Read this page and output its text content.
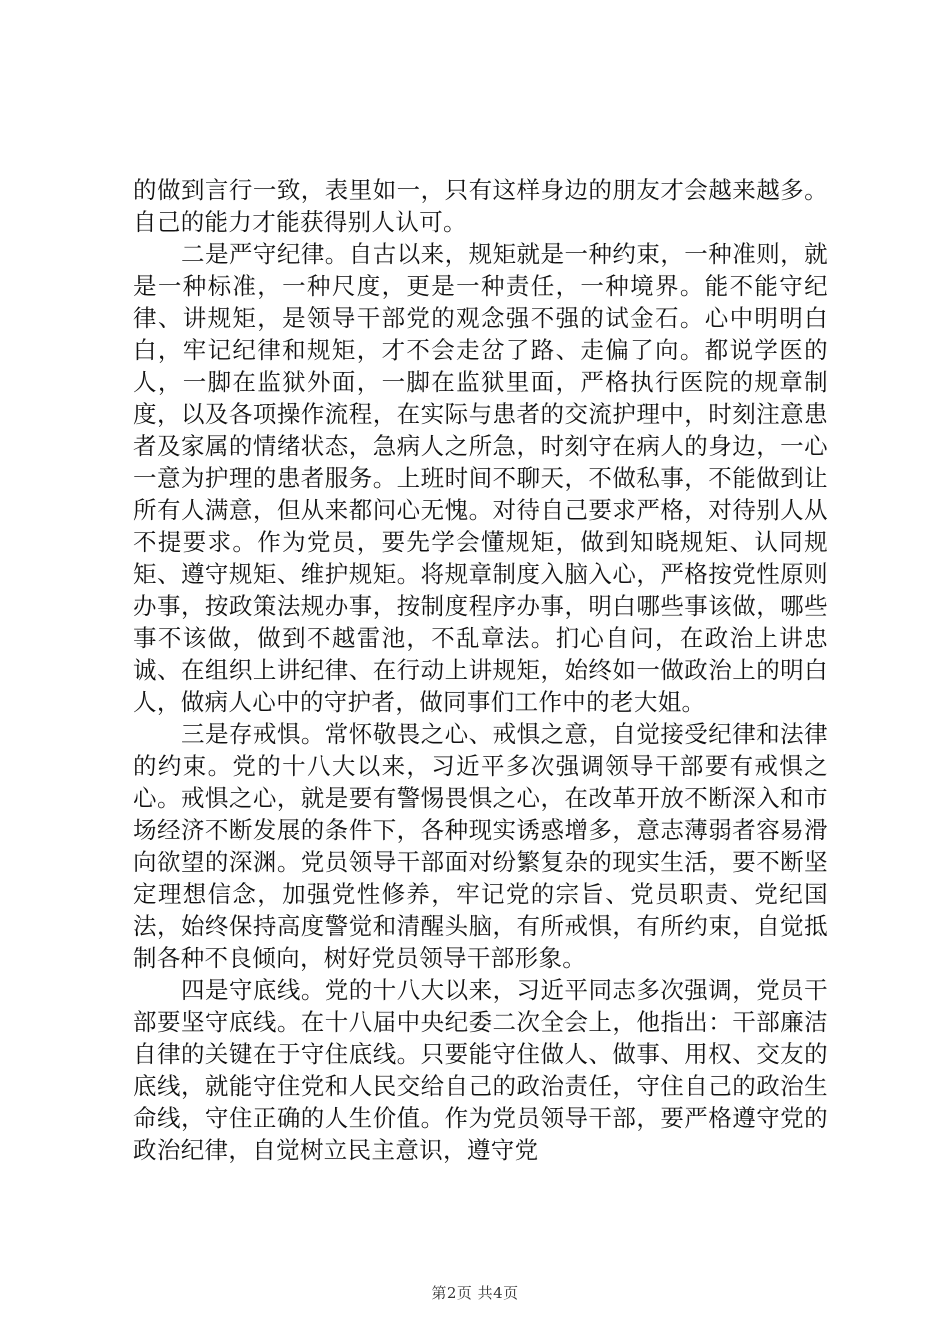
的做到言行一致，表里如一，只有这样身边的朋友才会越来越多。自己的能力才能获得别人认可。

二是严守纪律。自古以来，规矩就是一种约束，一种准则，就是一种标准，一种尺度，更是一种责任，一种境界。能不能守纪律、讲规矩，是领导干部党的观念强不强的试金石。心中明明白白，牢记纪律和规矩，才不会走岔了路、走偏了向。都说学医的人，一脚在监狱外面，一脚在监狱里面，严格执行医院的规章制度，以及各项操作流程，在实际与患者的交流护理中，时刻注意患者及家属的情绪状态，急病人之所急，时刻守在病人的身边，一心一意为护理的患者服务。上班时间不聊天，不做私事，不能做到让所有人满意，但从来都问心无愧。对待自己要求严格，对待别人从不提要求。作为党员，要先学会懂规矩，做到知晓规矩、认同规矩、遵守规矩、维护规矩。将规章制度入脑入心，严格按党性原则办事，按政策法规办事，按制度程序办事，明白哪些事该做，哪些事不该做，做到不越雷池，不乱章法。扪心自问，在政治上讲忠诚、在组织上讲纪律、在行动上讲规矩，始终如一做政治上的明白人，做病人心中的守护者，做同事们工作中的老大姐。

三是存戒惧。常怀敬畏之心、戒惧之意，自觉接受纪律和法律的约束。党的十八大以来，习近平多次强调领导干部要有戒惧之心。戒惧之心，就是要有警惕畏惧之心，在改革开放不断深入和市场经济不断发展的条件下，各种现实诱惑增多，意志薄弱者容易滑向欲望的深渊。党员领导干部面对纷繁复杂的现实生活，要不断坚定理想信念，加强党性修养，牢记党的宗旨、党员职责、党纪国法，始终保持高度警觉和清醒头脑，有所戒惧，有所约束，自觉抵制各种不良倾向，树好党员领导干部形象。

四是守底线。党的十八大以来，习近平同志多次强调，党员干部要坚守底线。在十八届中央纪委二次全会上，他指出：干部廉洁自律的关键在于守住底线。只要能守住做人、做事、用权、交友的底线，就能守住党和人民交给自己的政治责任，守住自己的政治生命线，守住正确的人生价值。作为党员领导干部，要严格遵守党的政治纪律，自觉树立民主意识，遵守党

第2页 共4页
